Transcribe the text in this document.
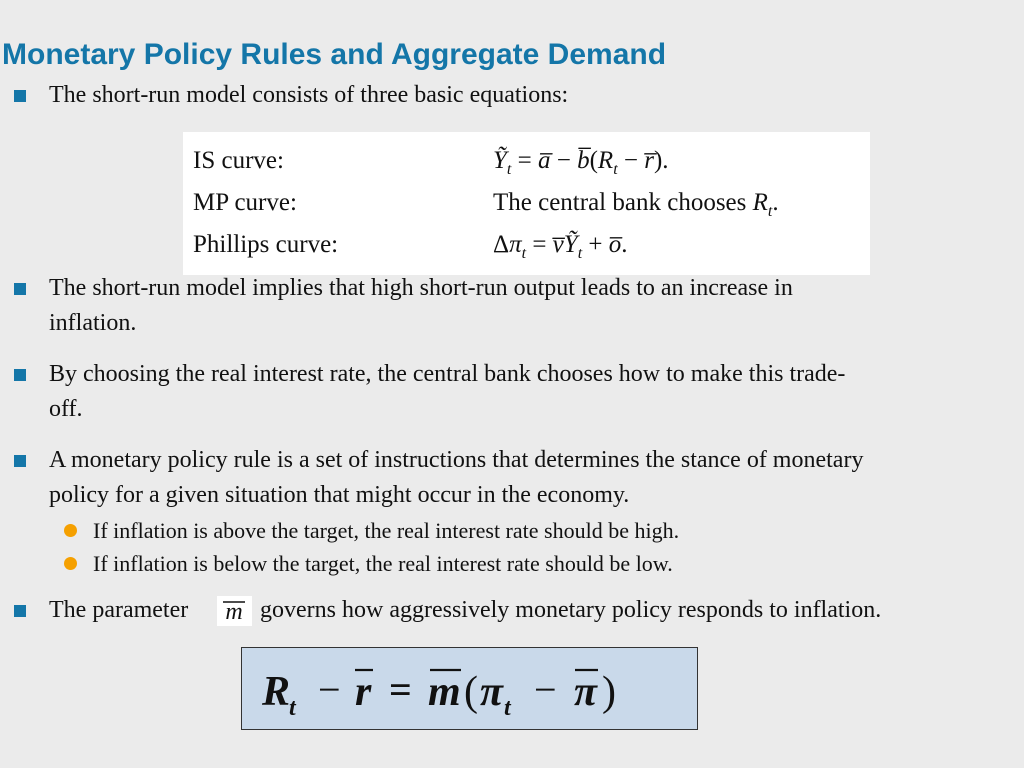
Monetary Policy Rules and Aggregate Demand
The short-run model consists of three basic equations:
IS curve:	Ỹ$_t$ = a̅ − $b̅(R_t$ − r̅).
MP curve:	The central bank chooses $R_t$.
Phillips curve:	$\Delta\pi_t$ = v̅Ỹ$_t$ + o̅.
The short-run model implies that high short-run output leads to an increase in
inflation.
By choosing the real interest rate, the central bank chooses how to make this trade-
off.
A monetary policy rule is a set of instructions that determines the stance of monetary
policy for a given situation that might occur in the economy.
If inflation is above the target, the real interest rate should be high.
If inflation is below the target, the real interest rate should be low.
The parameter m governs how aggressively monetary policy responds to inflation.
R
t − r = m ( π t − π )
